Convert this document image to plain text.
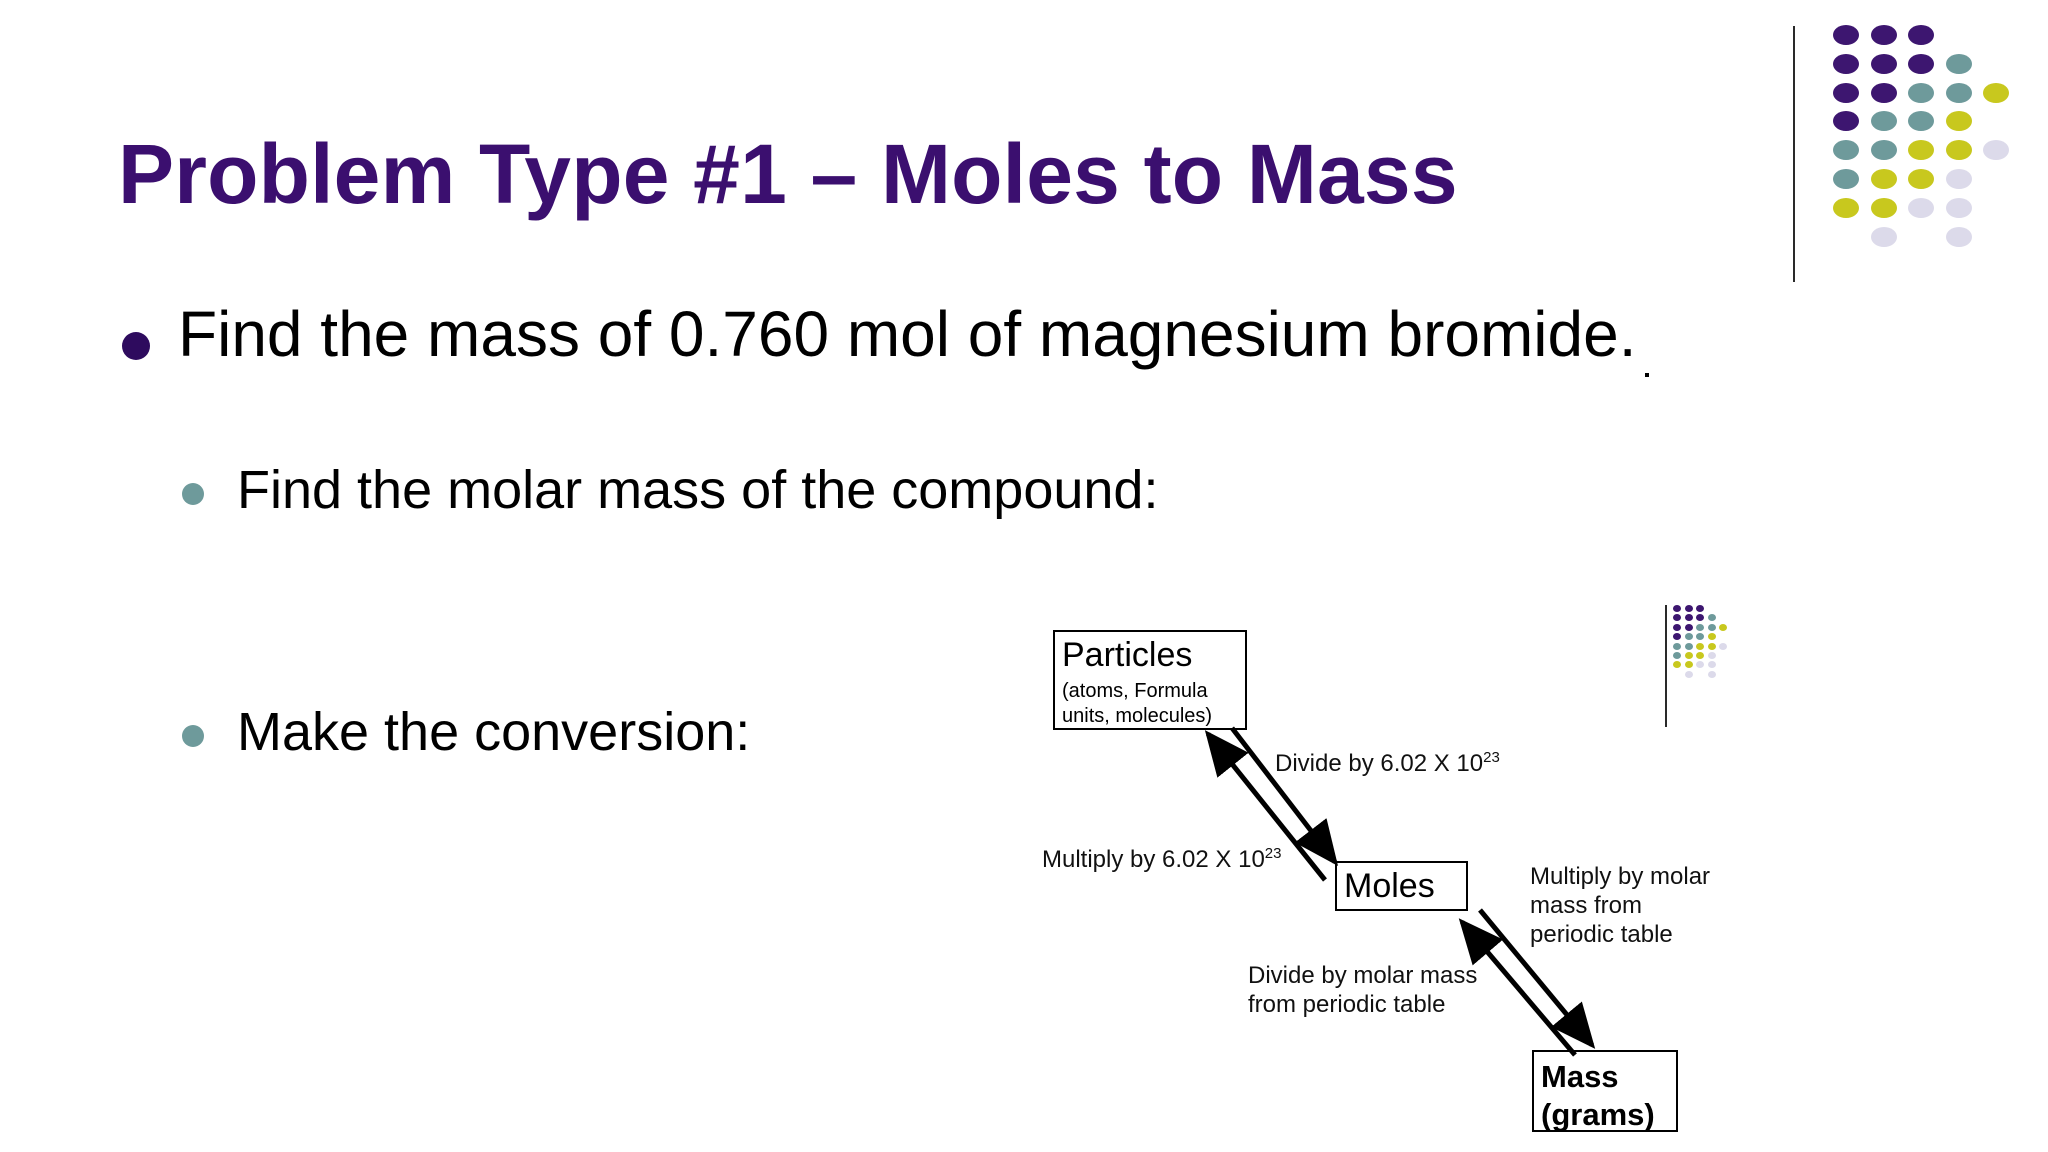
Problem Type #1 – Moles to Mass
Find the mass of 0.760 mol of magnesium bromide.
Find the molar mass of the compound:
Make the conversion:
Particles
(atoms, Formula
units, molecules)
Moles
Mass
(grams)
Divide by 6.02 X $10^{23}$
Multiply by 6.02 X $10^{23}$
Multiply by molar
mass from
periodic table
Divide by molar mass
from periodic table
